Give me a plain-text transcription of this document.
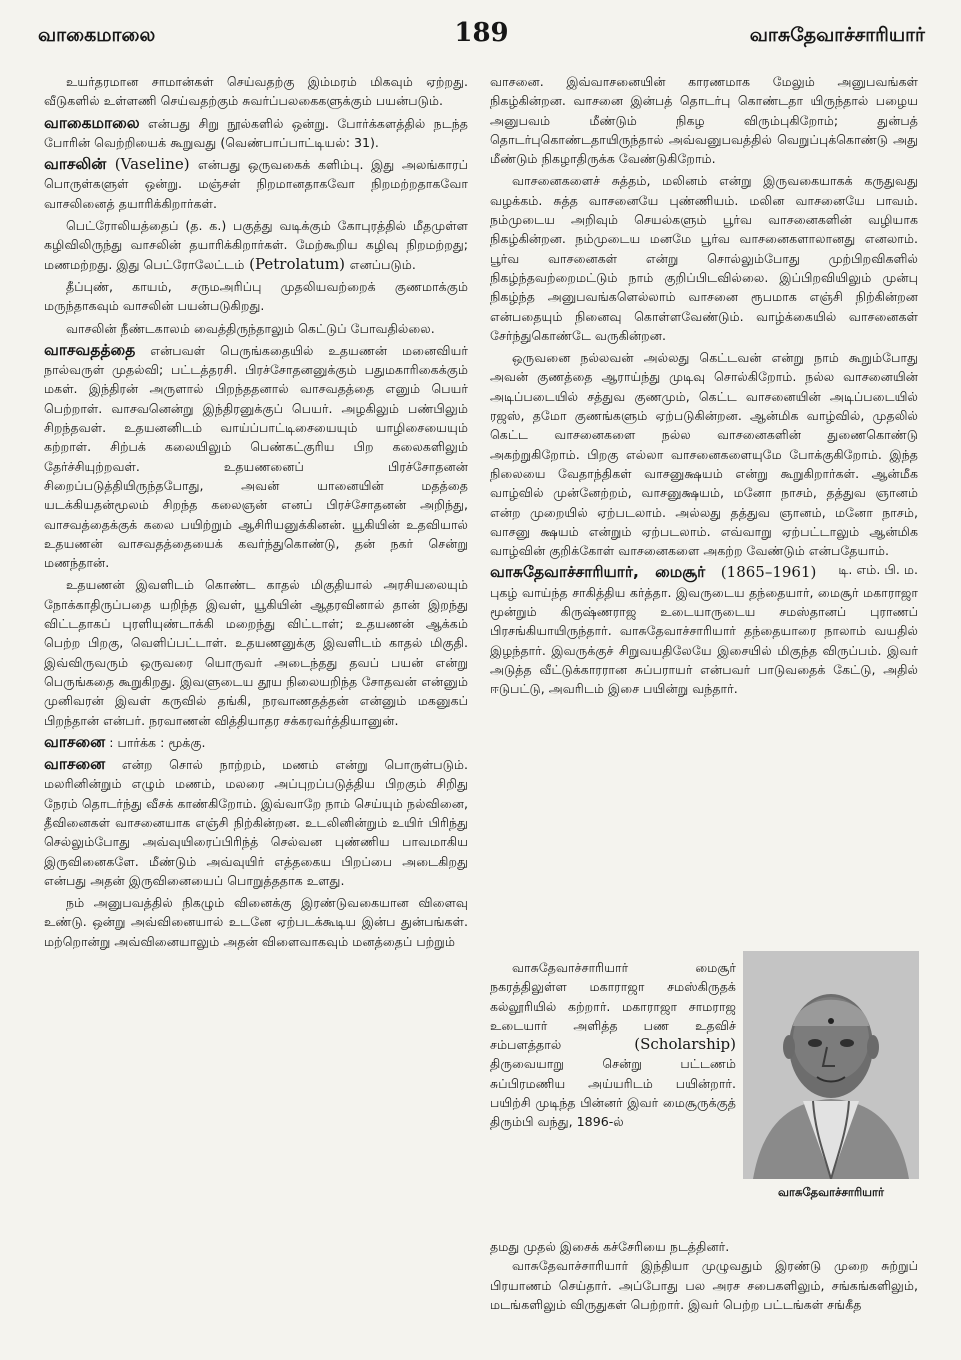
வாகைமாலை	189	வாசுதேவாச்சாரியார்

உயர்தரமான சாமான்கள் செய்வதற்கு இம்மரம் மிகவும் ஏற்றது. வீடுகளில் உள்ளணி செய்வதற்கும் சுவர்ப்பலகைகளுக்கும் பயன்படும்.

வாகைமாலை என்பது சிறு நூல்களில் ஒன்று. போர்க்களத்தில் நடந்த போரின் வெற்றியைக் கூறுவது (வெண்பாப்பாட்டியல்: 31).

வாசலின் (Vaseline) என்பது ஒருவகைக் களிம்பு. இது அலங்காரப் பொருள்களுள் ஒன்று. மஞ்சள் நிறமானதாகவோ நிறமற்றதாகவோ வாசலினைத் தயாரிக்கிறார்கள்.

பெட்ரோலியத்தைப் (த. க.) பகுத்து வடிக்கும் கோபுரத்தில் மீதமுள்ள கழிவிலிருந்து வாசலின் தயாரிக்கிறார்கள். மேற்கூறிய கழிவு நிறமற்றது; மணமற்றது. இது பெட்ரோலேட்டம் (Petrolatum) எனப்படும்.

தீப்புண், காயம், சருமஅரிப்பு முதலியவற்றைக் குணமாக்கும் மருந்தாகவும் வாசலின் பயன்படுகிறது.

வாசலின் நீண்டகாலம் வைத்திருந்தாலும் கெட்டுப் போவதில்லை.

வாசவதத்தை என்பவள் பெருங்கதையில் உதயணன் மனைவியர் நால்வருள் முதல்வி; பட்டத்தரசி. பிரச்சோதனனுக்கும் பதுமகாரிகைக்கும் மகள். இந்திரன் அருளால் பிறந்ததனால் வாசவதத்தை எனும் பெயர் பெற்றாள். வாசவனென்று இந்திரனுக்குப் பெயர். அழகிலும் பண்பிலும் சிறந்தவள். உதயனனிடம் வாய்ப்பாட்டிசையையும் யாழிசையையும் கற்றாள். சிற்பக் கலையிலும் பெண்கட்குரிய பிற கலைகளிலும் தேர்ச்சியுற்றவள். உதயணனைப் பிரச்சோதனன் சிறைப்படுத்தியிருந்தபோது, அவன் யானையின் மதத்தை யடக்கியதன்மூலம் சிறந்த கலைஞன் எனப் பிரச்சோதனன் அறிந்து, வாசவத்தைக்குக் கலை பயிற்றும் ஆசிரியனுக்கினன். யூகியின் உதவியால் உதயணன் வாசவதத்தையைக் கவர்ந்துகொண்டு, தன் நகர் சென்று மணந்தான்.

உதயணன் இவளிடம் கொண்ட காதல் மிகுதியால் அரசியலையும் நோக்காதிருப்பதை யறிந்த இவள், யூகியின் ஆதரவினால் தான் இறந்து விட்டதாகப் புரளியுண்டாக்கி மறைந்து விட்டாள்; உதயணன் ஆக்கம் பெற்ற பிறகு, வெளிப்பட்டாள். உதயணனுக்கு இவளிடம் காதல் மிகுதி. இவ்விருவரும் ஒருவரை யொருவர் அடைந்தது தவப் பயன் என்று பெருங்கதை கூறுகிறது. இவளுடைய தூய நிலையறிந்த சோதவன் என்னும் முனிவரன் இவள் கருவில் தங்கி, நரவாணதத்தன் என்னும் மகனுகப் பிறந்தான் என்பர். நரவாணன் வித்தியாதர சக்கரவர்த்தியானுன்.

வாசனை : பார்க்க : மூக்கு.

வாசனை என்ற சொல் நாற்றம், மணம் என்று பொருள்படும். மலரினின்றும் எழும் மணம், மலரை அப்புறப்படுத்திய பிறகும் சிறிது நேரம் தொடர்ந்து வீசக் காண்கிறோம். இவ்வாறே நாம் செய்யும் நல்வினை, தீவினைகள் வாசனையாக எஞ்சி நிற்கின்றன. உடலினின்றும் உயிர் பிரிந்து செல்லும்போது அவ்வுயிரைப்பிரிந்த் செல்வன புண்ணிய பாவமாகிய இருவினைகளே. மீண்டும் அவ்வுயிர் எத்தகைய பிறப்பை அடைகிறது என்பது அதன் இருவினையைப் பொறுத்ததாக உளது.

நம் அனுபவத்தில் நிகழும் வினைக்கு இரண்டுவகையான விளைவு உண்டு. ஒன்று அவ்வினையால் உடனே ஏற்படக்கூடிய இன்ப துன்பங்கள். மற்றொன்று அவ்வினையாலும் அதன் விளைவாகவும் மனத்தைப் பற்றும்

வாசனை. இவ்வாசனையின் காரணமாக மேலும் அனுபவங்கள் நிகழ்கின்றன. வாசனை இன்பத் தொடர்பு கொண்டதா யிருந்தால் பழைய அனுபவம் மீண்டும் நிகழ விரும்புகிறோம்; துன்பத் தொடர்புகொண்டதாயிருந்தால் அவ்வனுபவத்தில் வெறுப்புக்கொண்டு அது மீண்டும் நிகழாதிருக்க வேண்டுகிறோம்.

வாசனைகளைச் சுத்தம், மலினம் என்று இருவகையாகக் கருதுவது வழக்கம். சுத்த வாசனையே புண்ணியம். மலின வாசனையே பாவம். நம்முடைய அறிவும் செயல்களும் பூர்வ வாசனைகளின் வழியாக நிகழ்கின்றன. நம்முடைய மனமே பூர்வ வாசனைகளாலானது எனலாம். பூர்வ வாசனைகள் என்று சொல்லும்போது முற்பிறவிகளில் நிகழ்ந்தவற்றைமட்டும் நாம் குறிப்பிடவில்லை. இப்பிறவியிலும் முன்பு நிகழ்ந்த அனுபவங்களெல்லாம் வாசனை ரூபமாக எஞ்சி நிற்கின்றன என்பதையும் நினைவு கொள்ளவேண்டும். வாழ்க்கையில் வாசனைகள் சேர்ந்துகொண்டே வருகின்றன.

ஒருவனை நல்லவன் அல்லது கெட்டவன் என்று நாம் கூறும்போது அவன் குணத்தை ஆராய்ந்து முடிவு சொல்கிறோம். நல்ல வாசனையின் அடிப்படையில் சத்துவ குணமும், கெட்ட வாசனையின் அடிப்படையில் ரஜஸ், தமோ குணங்களும் ஏற்படுகின்றன. ஆன்மிக வாழ்வில், முதலில் கெட்ட வாசனைகளை நல்ல வாசனைகளின் துணைகொண்டு அகற்றுகிறோம். பிறகு எல்லா வாசனைகளையுமே போக்குகிறோம். இந்த நிலையை வேதாந்திகள் வாசனுக்ஷயம் என்று கூறுகிறார்கள். ஆன்மீக வாழ்வில் முன்னேற்றம், வாசனுக்ஷயம், மனோ நாசம், தத்துவ ஞானம் என்ற முறையில் ஏற்படலாம். அல்லது தத்துவ ஞானம், மனோ நாசம், வாசனு க்ஷயம் என்றும் ஏற்படலாம். எவ்வாறு ஏற்பட்டாலும் ஆன்மிக வாழ்வின் குறிக்கோள் வாசனைகளை அகற்ற வேண்டும் என்பதேயாம்.
டி. எம். பி. ம.

வாசுதேவாச்சாரியார், மைசூர் (1865–1961) புகழ் வாய்ந்த சாகித்திய கர்த்தா. இவருடைய தந்தையார், மைசூர் மகாராஜா மூன்றும் கிருஷ்ணராஜ உடையாருடைய சமஸ்தானப் புராணப் பிரசங்கியாயிருந்தார். வாசுதேவாச்சாரியார் தந்தையாரை நாலாம் வயதில் இழந்தார். இவருக்குச் சிறுவயதிலேயே இசையில் மிகுந்த விருப்பம். இவர் அடுத்த வீட்டுக்காரரான சுப்பராயர் என்பவர் பாடுவதைக் கேட்டு, அதில் ஈடுபட்டு, அவரிடம் இசை பயின்று வந்தார்.

வாசுதேவாச்சாரியார் மைசூர் நகரத்திலுள்ள மகாராஜா சமஸ்கிருதக் கல்லூரியில் கற்றார். மகாராஜா சாமராஜ உடையார் அளித்த பண உதவிச் சம்பளத்தால் (Scholarship) திருவையாறு சென்று பட்டணம் சுப்பிரமணிய அய்யரிடம் பயின்றார். பயிற்சி முடிந்த பின்னர் இவர் மைசூருக்குத் திரும்பி வந்து, 1896-ல்

தமது முதல் இசைக் கச்சேரியை நடத்தினர்.

வாசுதேவாச்சாரியார் இந்தியா முழுவதும் இரண்டு முறை சுற்றுப் பிரயாணம் செய்தார். அப்போது பல அரச சபைகளிலும், சங்கங்களிலும், மடங்களிலும் விருதுகள் பெற்றார். இவர் பெற்ற பட்டங்கள் சங்கீத

வாசுதேவாச்சாரியார்
